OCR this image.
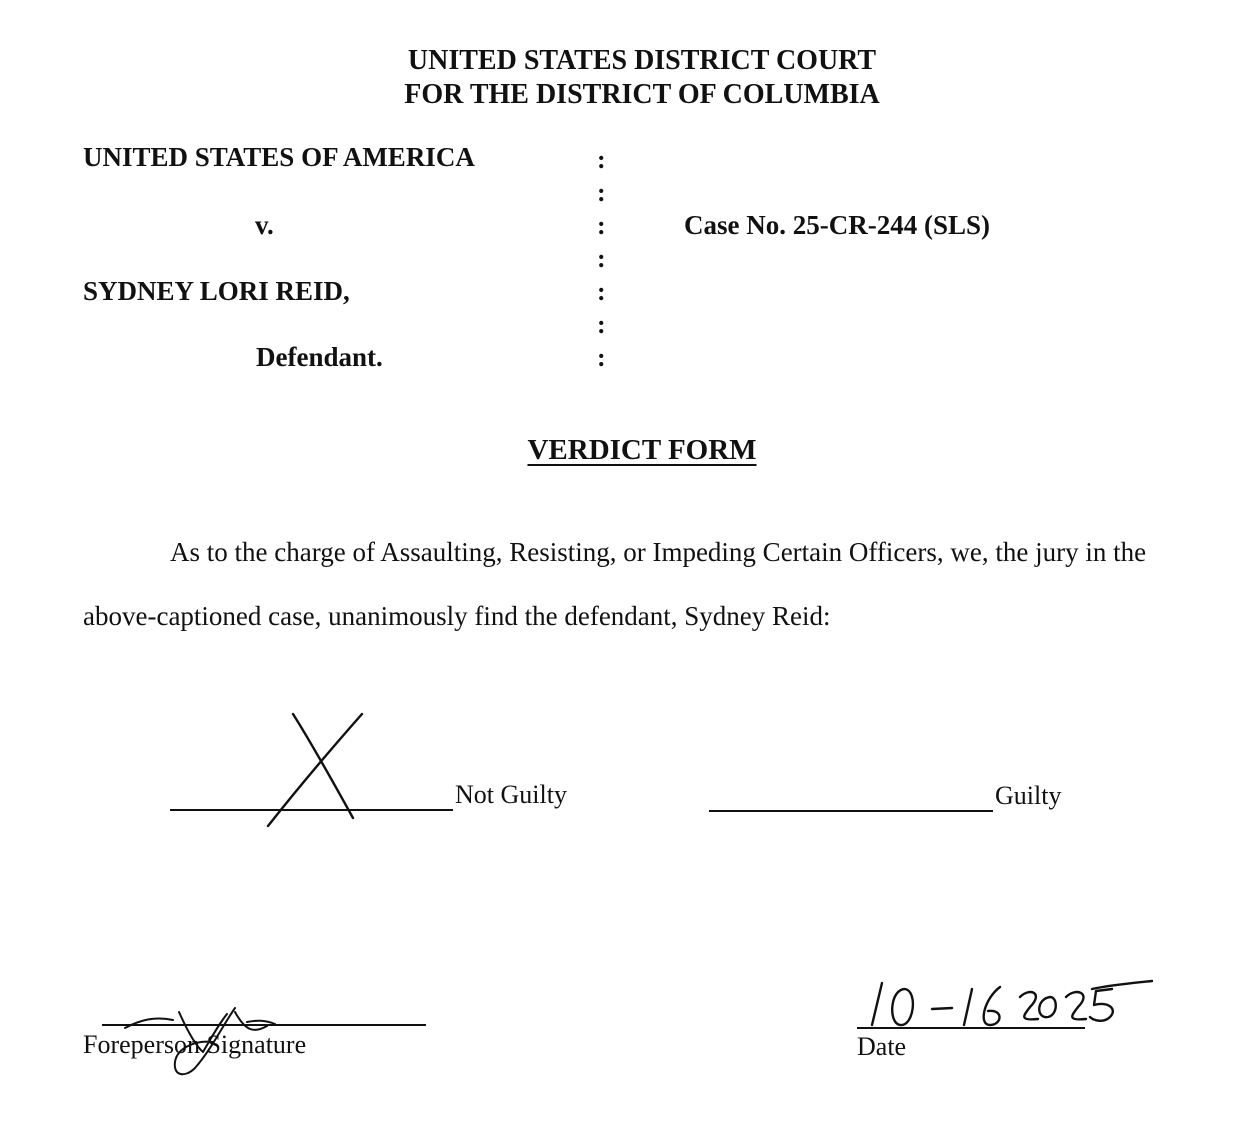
UNITED STATES DISTRICT COURT
FOR THE DISTRICT OF COLUMBIA
UNITED STATES OF AMERICA
v.
SYDNEY LORI REID,
Defendant.
:
:
:
:
:
:
:
Case No. 25-CR-244 (SLS)
VERDICT FORM
As to the charge of Assaulting, Resisting, or Impeding Certain Officers, we, the jury in the
above-captioned case, unanimously find the defendant, Sydney Reid:
Not Guilty	Guilty
Foreperson Signature	Date
